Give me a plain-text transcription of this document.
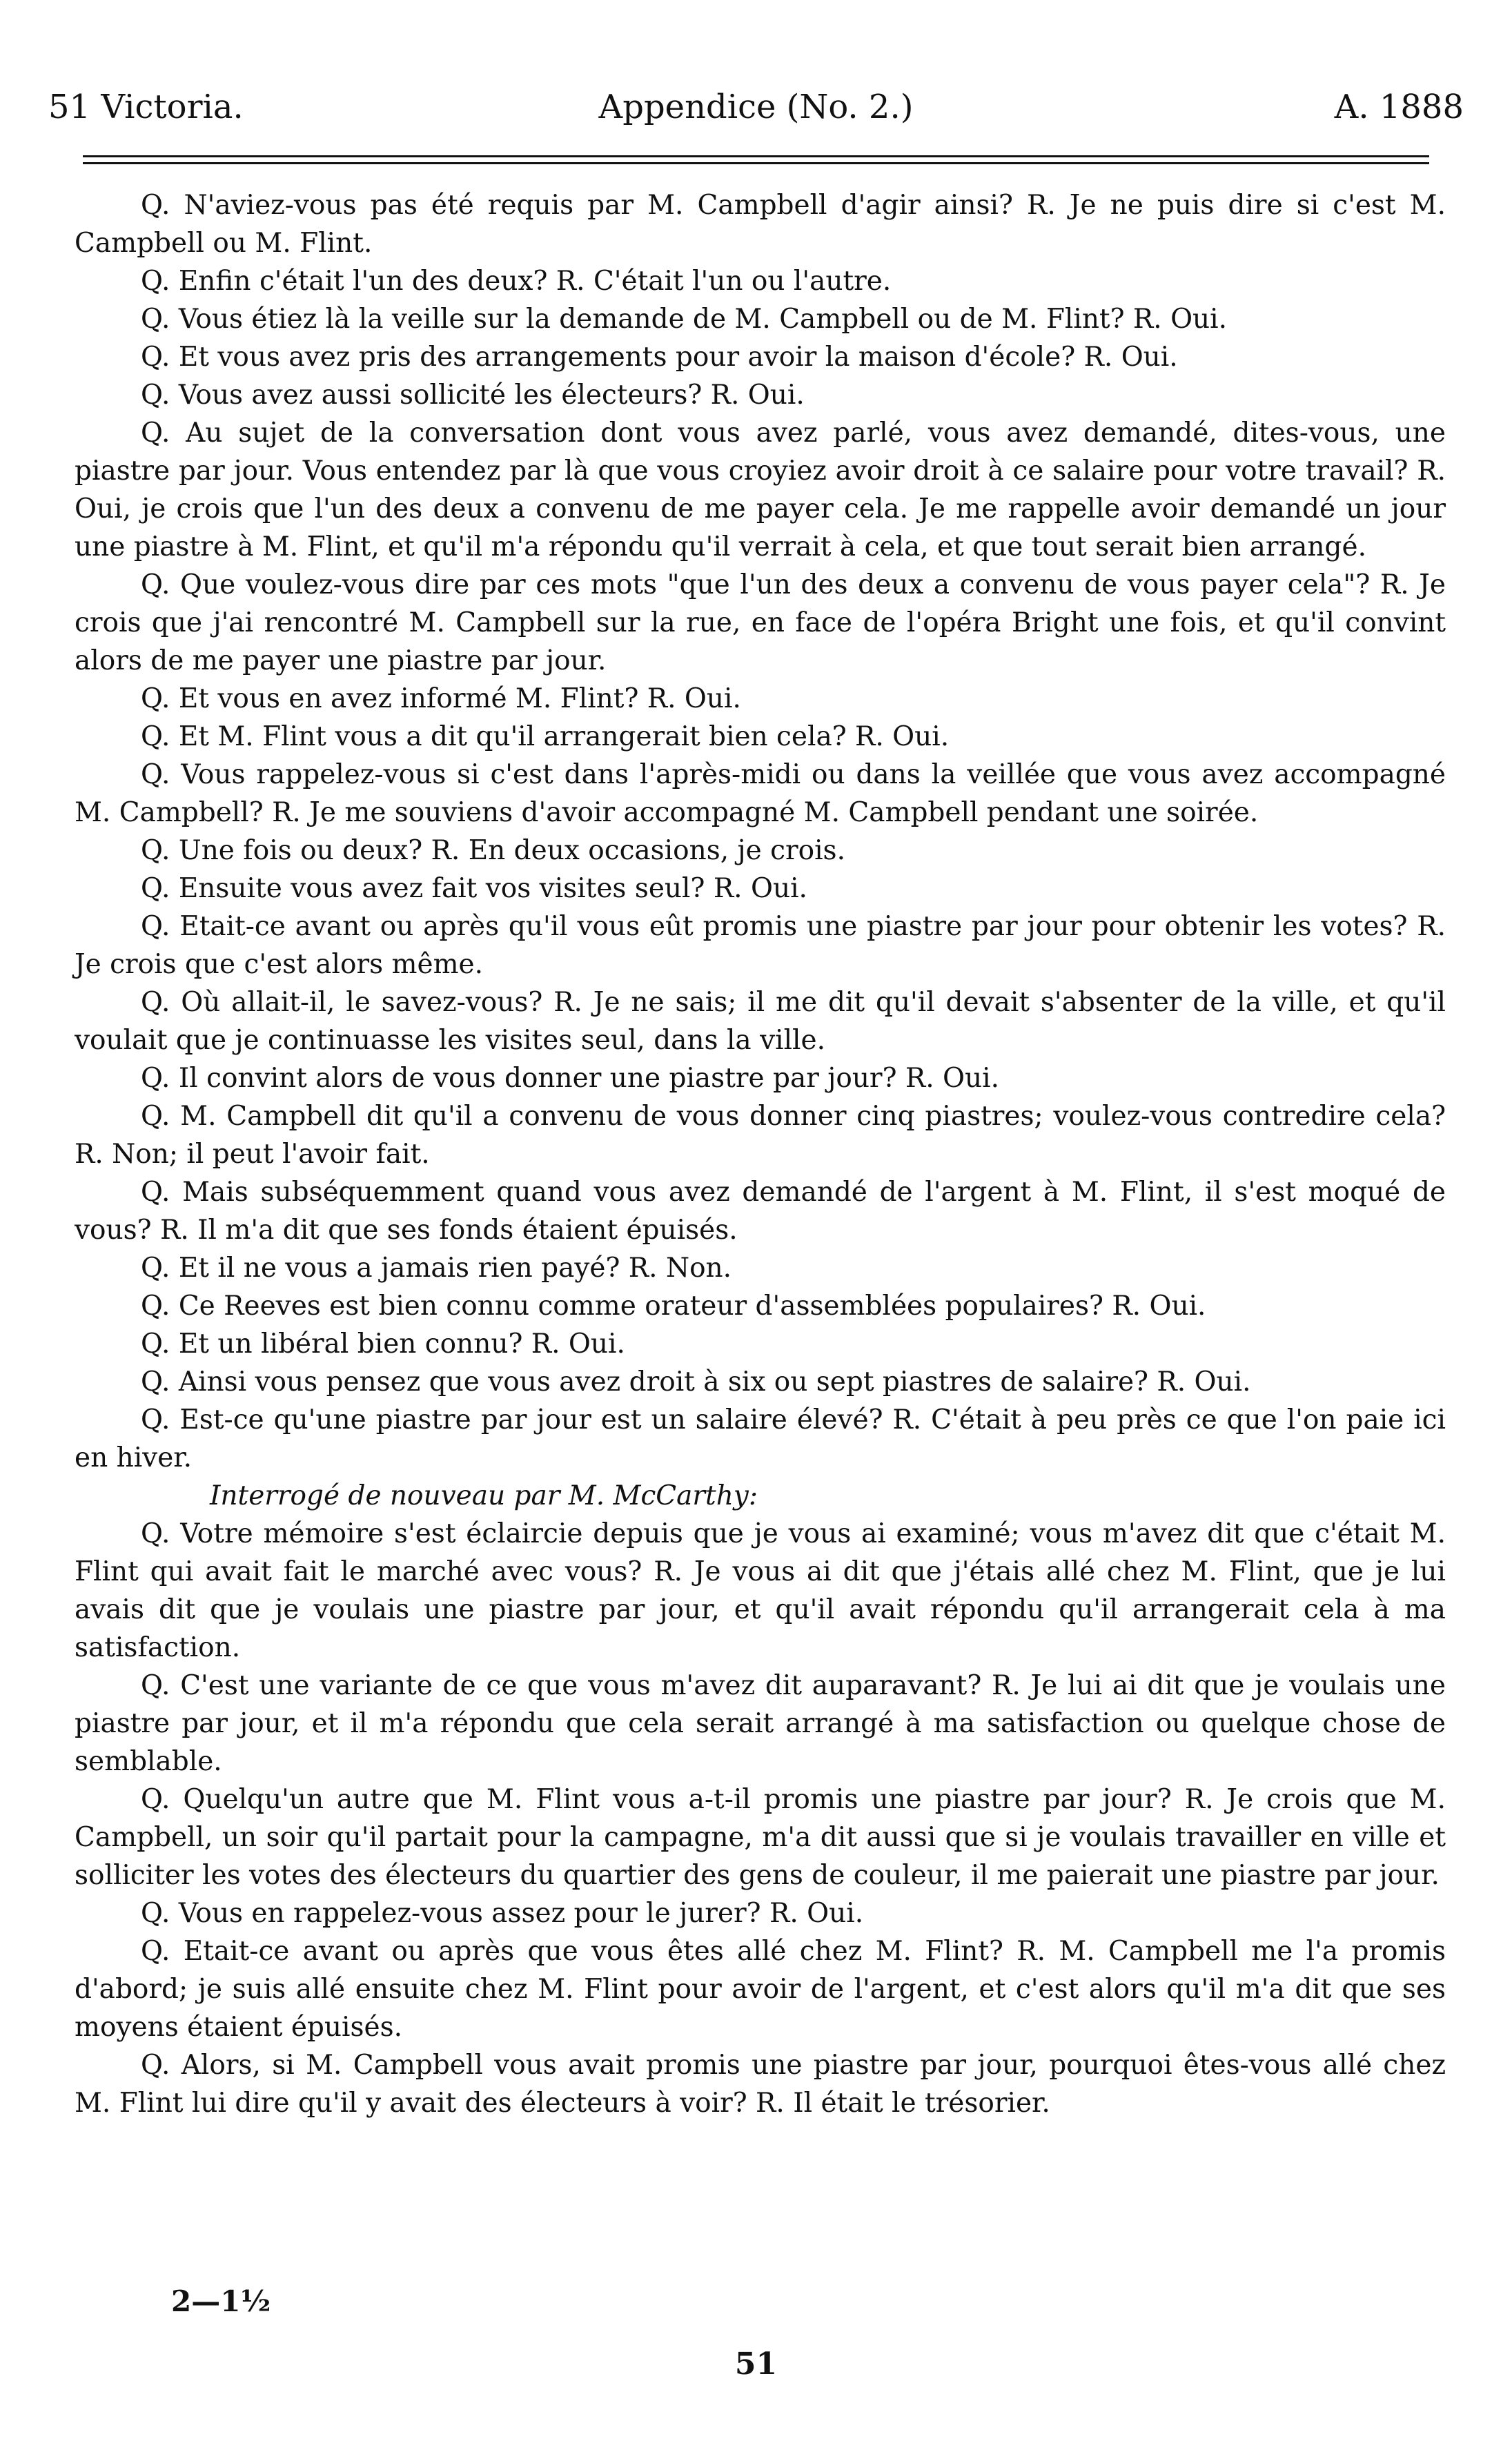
51 Victoria.	Appendice (No. 2.)	A. 1888

Q. N'aviez-vous pas été requis par M. Campbell d'agir ainsi? R. Je ne puis dire si c'est M. Campbell ou M. Flint.

Q. Enfin c'était l'un des deux? R. C'était l'un ou l'autre.

Q. Vous étiez là la veille sur la demande de M. Campbell ou de M. Flint? R. Oui.

Q. Et vous avez pris des arrangements pour avoir la maison d'école? R. Oui.

Q. Vous avez aussi sollicité les électeurs? R. Oui.

Q. Au sujet de la conversation dont vous avez parlé, vous avez demandé, dites-vous, une piastre par jour. Vous entendez par là que vous croyiez avoir droit à ce salaire pour votre travail? R. Oui, je crois que l'un des deux a convenu de me payer cela. Je me rappelle avoir demandé un jour une piastre à M. Flint, et qu'il m'a répondu qu'il verrait à cela, et que tout serait bien arrangé.

Q. Que voulez-vous dire par ces mots "que l'un des deux a convenu de vous payer cela"? R. Je crois que j'ai rencontré M. Campbell sur la rue, en face de l'opéra Bright une fois, et qu'il convint alors de me payer une piastre par jour.

Q. Et vous en avez informé M. Flint? R. Oui.

Q. Et M. Flint vous a dit qu'il arrangerait bien cela? R. Oui.

Q. Vous rappelez-vous si c'est dans l'après-midi ou dans la veillée que vous avez accompagné M. Campbell? R. Je me souviens d'avoir accompagné M. Campbell pendant une soirée.

Q. Une fois ou deux? R. En deux occasions, je crois.

Q. Ensuite vous avez fait vos visites seul? R. Oui.

Q. Etait-ce avant ou après qu'il vous eût promis une piastre par jour pour obtenir les votes? R. Je crois que c'est alors même.

Q. Où allait-il, le savez-vous? R. Je ne sais; il me dit qu'il devait s'absenter de la ville, et qu'il voulait que je continuasse les visites seul, dans la ville.

Q. Il convint alors de vous donner une piastre par jour? R. Oui.

Q. M. Campbell dit qu'il a convenu de vous donner cinq piastres; voulez-vous contredire cela? R. Non; il peut l'avoir fait.

Q. Mais subséquemment quand vous avez demandé de l'argent à M. Flint, il s'est moqué de vous? R. Il m'a dit que ses fonds étaient épuisés.

Q. Et il ne vous a jamais rien payé? R. Non.

Q. Ce Reeves est bien connu comme orateur d'assemblées populaires? R. Oui.

Q. Et un libéral bien connu? R. Oui.

Q. Ainsi vous pensez que vous avez droit à six ou sept piastres de salaire? R. Oui.

Q. Est-ce qu'une piastre par jour est un salaire élevé? R. C'était à peu près ce que l'on paie ici en hiver.

Interrogé de nouveau par M. McCarthy:

Q. Votre mémoire s'est éclaircie depuis que je vous ai examiné; vous m'avez dit que c'était M. Flint qui avait fait le marché avec vous? R. Je vous ai dit que j'étais allé chez M. Flint, que je lui avais dit que je voulais une piastre par jour, et qu'il avait répondu qu'il arrangerait cela à ma satisfaction.

Q. C'est une variante de ce que vous m'avez dit auparavant? R. Je lui ai dit que je voulais une piastre par jour, et il m'a répondu que cela serait arrangé à ma satisfaction ou quelque chose de semblable.

Q. Quelqu'un autre que M. Flint vous a-t-il promis une piastre par jour? R. Je crois que M. Campbell, un soir qu'il partait pour la campagne, m'a dit aussi que si je voulais travailler en ville et solliciter les votes des électeurs du quartier des gens de couleur, il me paierait une piastre par jour.

Q. Vous en rappelez-vous assez pour le jurer? R. Oui.

Q. Etait-ce avant ou après que vous êtes allé chez M. Flint? R. M. Campbell me l'a promis d'abord; je suis allé ensuite chez M. Flint pour avoir de l'argent, et c'est alors qu'il m'a dit que ses moyens étaient épuisés.

Q. Alors, si M. Campbell vous avait promis une piastre par jour, pourquoi êtes-vous allé chez M. Flint lui dire qu'il y avait des électeurs à voir? R. Il était le trésorier.

2—1½
51
